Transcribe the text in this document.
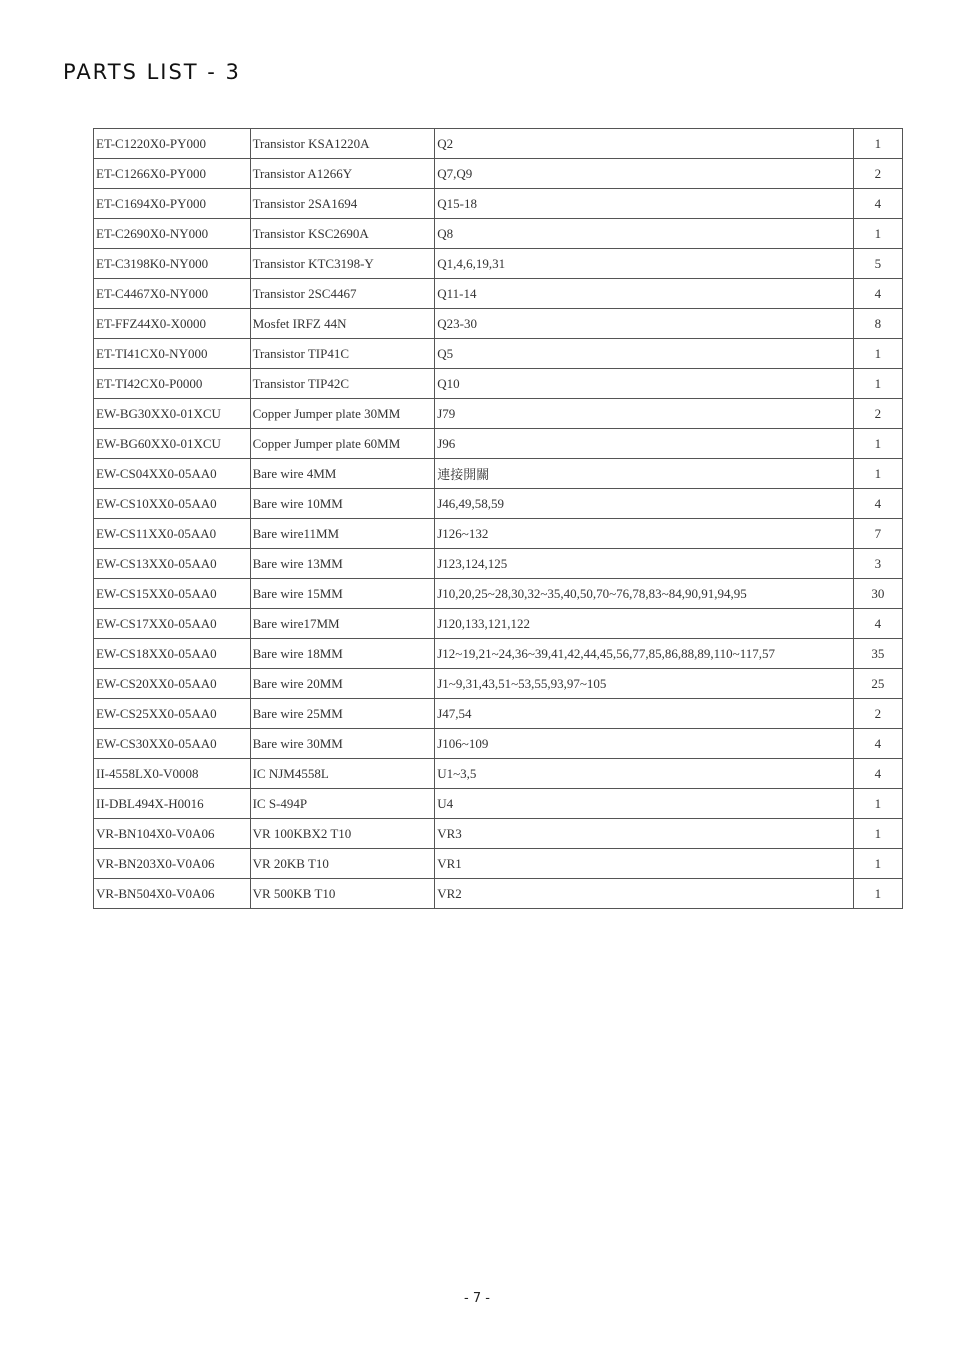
PARTS LIST - 3
ET-C1220X0-PY000	Transistor KSA1220A	Q2	1
ET-C1266X0-PY000	Transistor A1266Y	Q7,Q9	2
ET-C1694X0-PY000	Transistor 2SA1694	Q15-18	4
ET-C2690X0-NY000	Transistor KSC2690A	Q8	1
ET-C3198K0-NY000	Transistor KTC3198-Y	Q1,4,6,19,31	5
ET-C4467X0-NY000	Transistor 2SC4467	Q11-14	4
ET-FFZ44X0-X0000	Mosfet IRFZ 44N	Q23-30	8
ET-TI41CX0-NY000	Transistor TIP41C	Q5	1
ET-TI42CX0-P0000	Transistor TIP42C	Q10	1
EW-BG30XX0-01XCU	Copper Jumper plate 30MM	J79	2
EW-BG60XX0-01XCU	Copper Jumper plate 60MM	J96	1
EW-CS04XX0-05AA0	Bare wire 4MM	連接開關	1
EW-CS10XX0-05AA0	Bare wire 10MM	J46,49,58,59	4
EW-CS11XX0-05AA0	Bare wire11MM	J126~132	7
EW-CS13XX0-05AA0	Bare wire 13MM	J123,124,125	3
EW-CS15XX0-05AA0	Bare wire 15MM	J10,20,25~28,30,32~35,40,50,70~76,78,83~84,90,91,94,95	30
EW-CS17XX0-05AA0	Bare wire17MM	J120,133,121,122	4
EW-CS18XX0-05AA0	Bare wire 18MM	J12~19,21~24,36~39,41,42,44,45,56,77,85,86,88,89,110~117,57	35
EW-CS20XX0-05AA0	Bare wire 20MM	J1~9,31,43,51~53,55,93,97~105	25
EW-CS25XX0-05AA0	Bare wire 25MM	J47,54	2
EW-CS30XX0-05AA0	Bare wire 30MM	J106~109	4
II-4558LX0-V0008	IC NJM4558L	U1~3,5	4
II-DBL494X-H0016	IC S-494P	U4	1
VR-BN104X0-V0A06	VR 100KBX2 T10	VR3	1
VR-BN203X0-V0A06	VR 20KB T10	VR1	1
VR-BN504X0-V0A06	VR 500KB T10	VR2	1
- 7 -
